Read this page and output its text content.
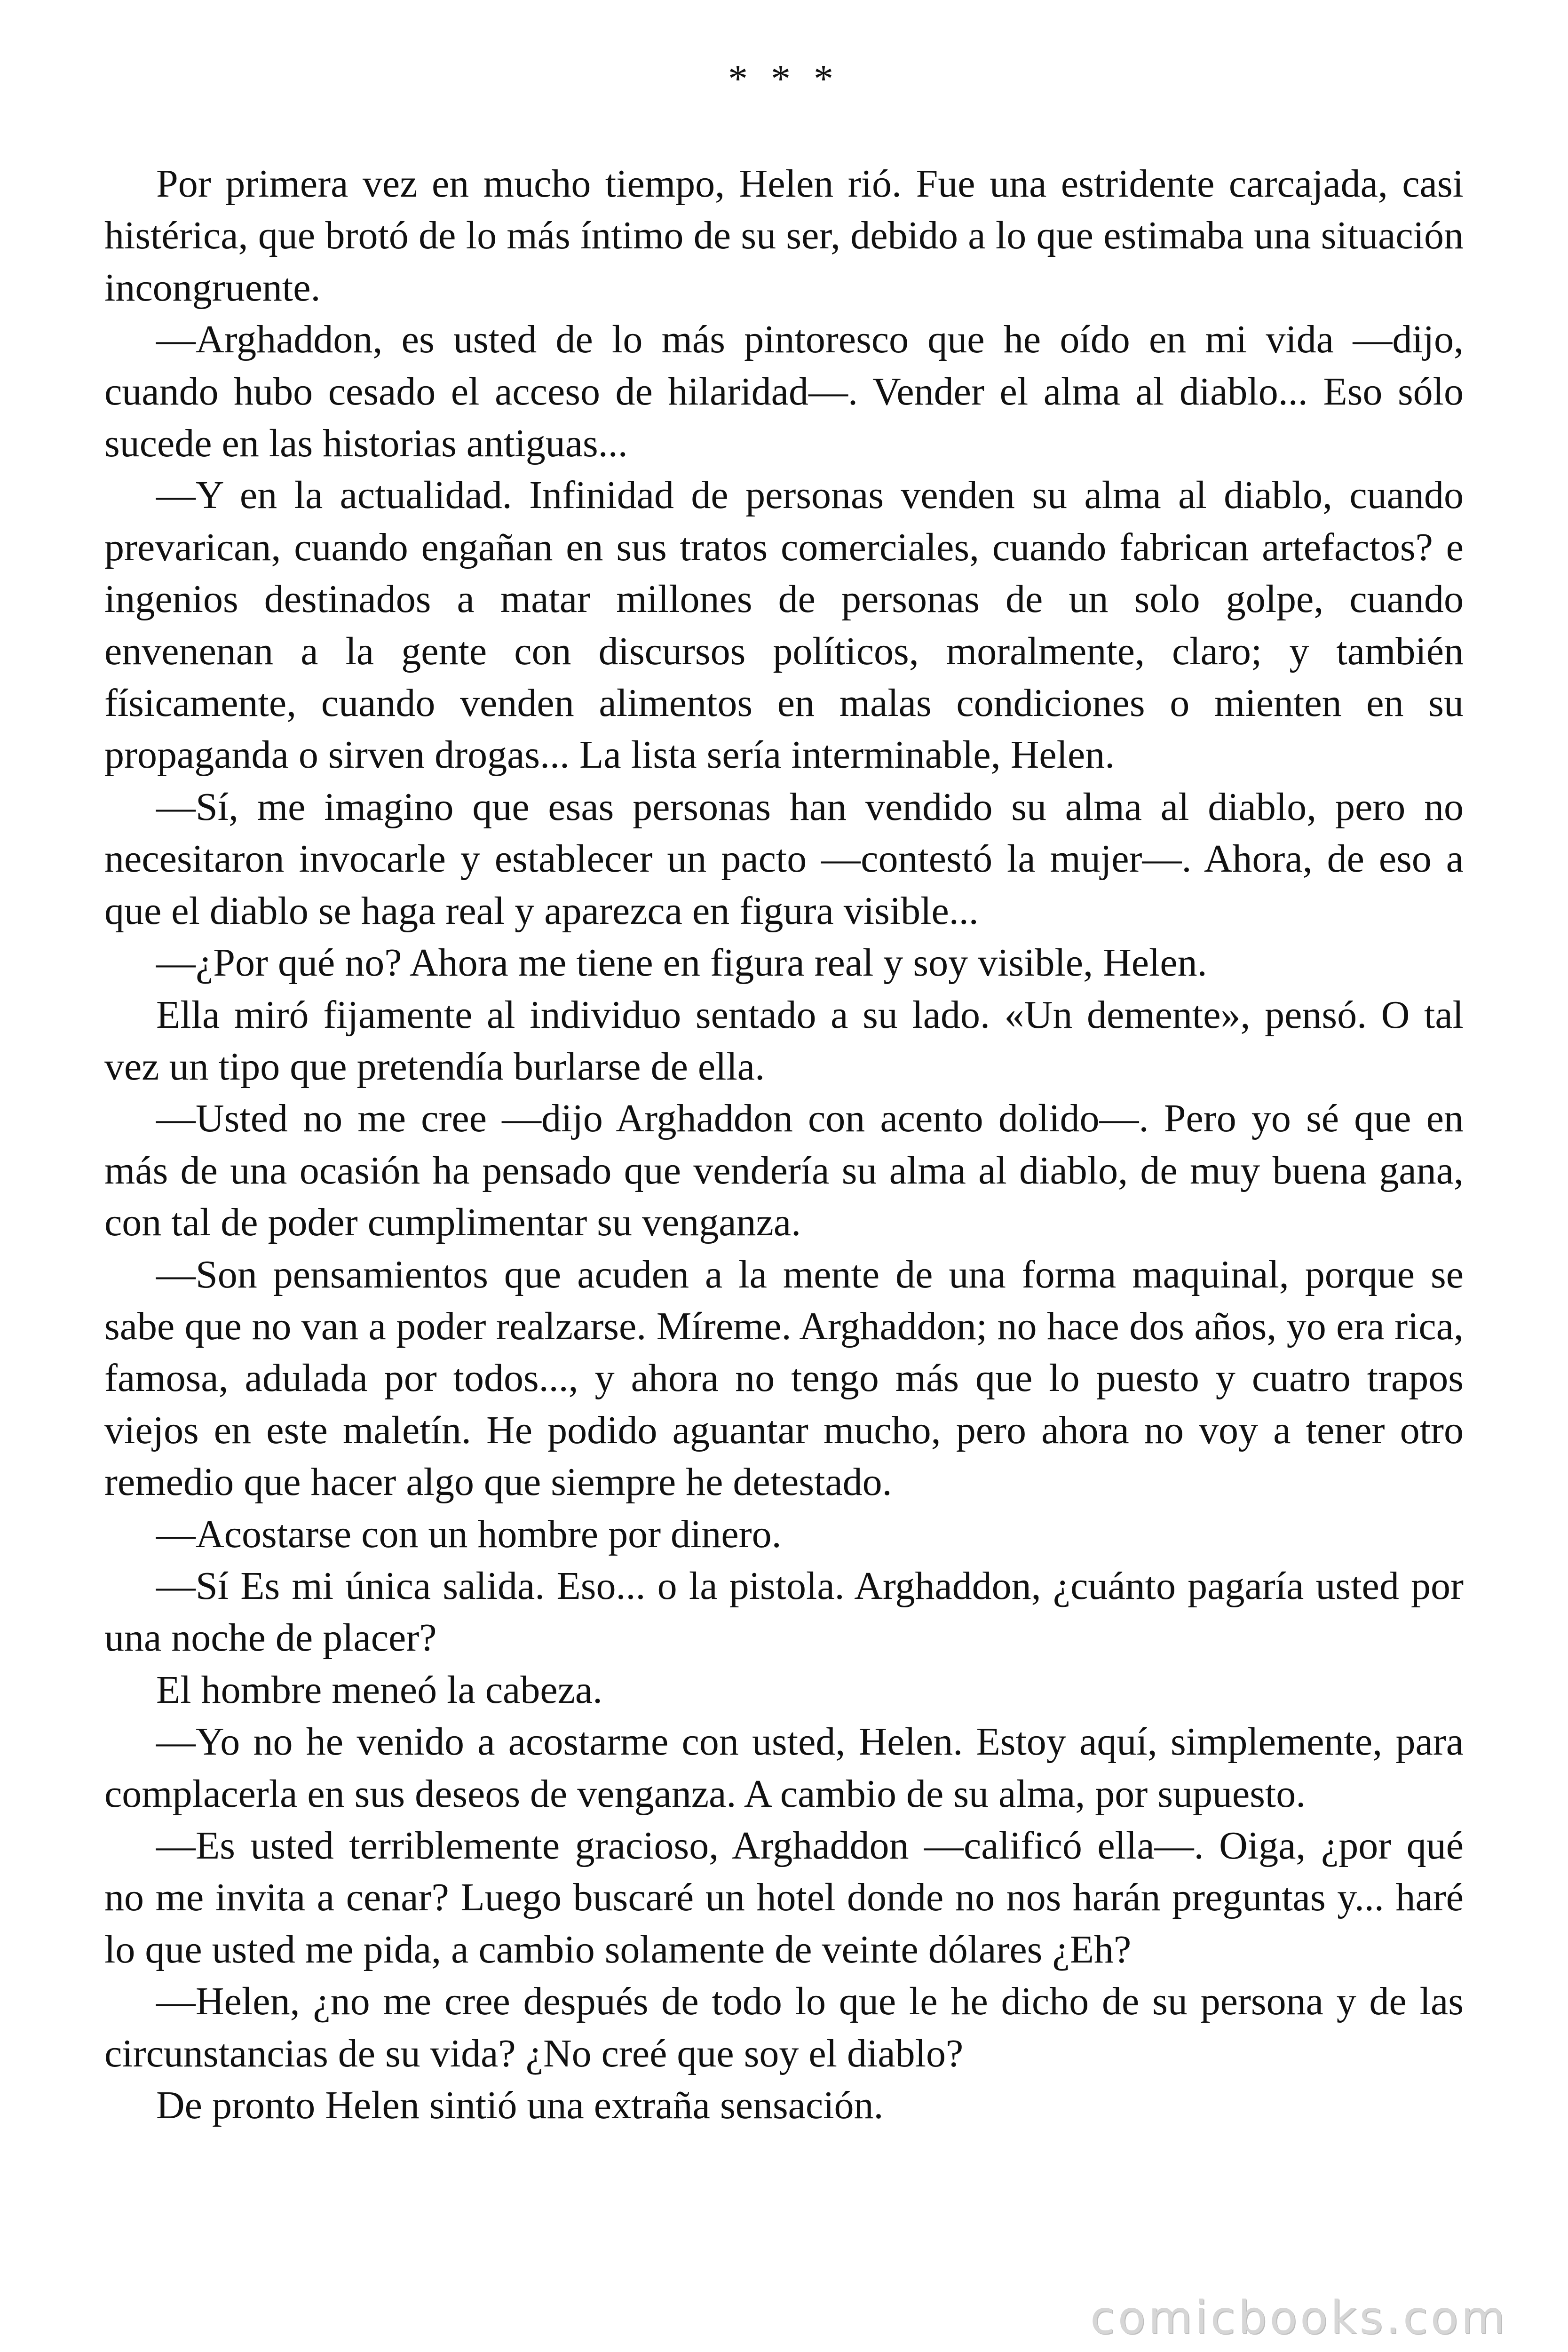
* * *

Por primera vez en mucho tiempo, Helen rió. Fue una estridente carcajada, casi histérica, que brotó de lo más íntimo de su ser, debido a lo que estimaba una situación incongruente.

—Arghaddon, es usted de lo más pintoresco que he oído en mi vida —dijo, cuando hubo cesado el acceso de hilaridad—. Vender el alma al diablo... Eso sólo sucede en las historias antiguas...

—Y en la actualidad. Infinidad de personas venden su alma al diablo, cuando prevarican, cuando engañan en sus tratos comerciales, cuando fabrican artefactos? e ingenios destinados a matar millones de personas de un solo golpe, cuando envenenan a la gente con discursos políticos, moralmente, claro; y también físicamente, cuando venden alimentos en malas condiciones o mienten en su propaganda o sirven drogas... La lista sería interminable, Helen.

—Sí, me imagino que esas personas han vendido su alma al diablo, pero no necesitaron invocarle y establecer un pacto —contestó la mujer—. Ahora, de eso a que el diablo se haga real y aparezca en figura visible...

—¿Por qué no? Ahora me tiene en figura real y soy visible, Helen.

Ella miró fijamente al individuo sentado a su lado. «Un demente», pensó. O tal vez un tipo que pretendía burlarse de ella.

—Usted no me cree —dijo Arghaddon con acento dolido—. Pero yo sé que en más de una ocasión ha pensado que vendería su alma al diablo, de muy buena gana, con tal de poder cumplimentar su venganza.

—Son pensamientos que acuden a la mente de una forma maquinal, porque se sabe que no van a poder realzarse. Míreme. Arghaddon; no hace dos años, yo era rica, famosa, adulada por todos..., y ahora no tengo más que lo puesto y cuatro trapos viejos en este maletín. He podido aguantar mucho, pero ahora no voy a tener otro remedio que hacer algo que siempre he detestado.

—Acostarse con un hombre por dinero.

—Sí Es mi única salida. Eso... o la pistola. Arghaddon, ¿cuánto pagaría usted por una noche de placer?

El hombre meneó la cabeza.

—Yo no he venido a acostarme con usted, Helen. Estoy aquí, simplemente, para complacerla en sus deseos de venganza. A cambio de su alma, por supuesto.

—Es usted terriblemente gracioso, Arghaddon —calificó ella—. Oiga, ¿por qué no me invita a cenar? Luego buscaré un hotel donde no nos harán preguntas y... haré lo que usted me pida, a cambio solamente de veinte dólares ¿Eh?

—Helen, ¿no me cree después de todo lo que le he dicho de su persona y de las circunstancias de su vida? ¿No creé que soy el diablo?

De pronto Helen sintió una extraña sensación.

comicbooks.com
